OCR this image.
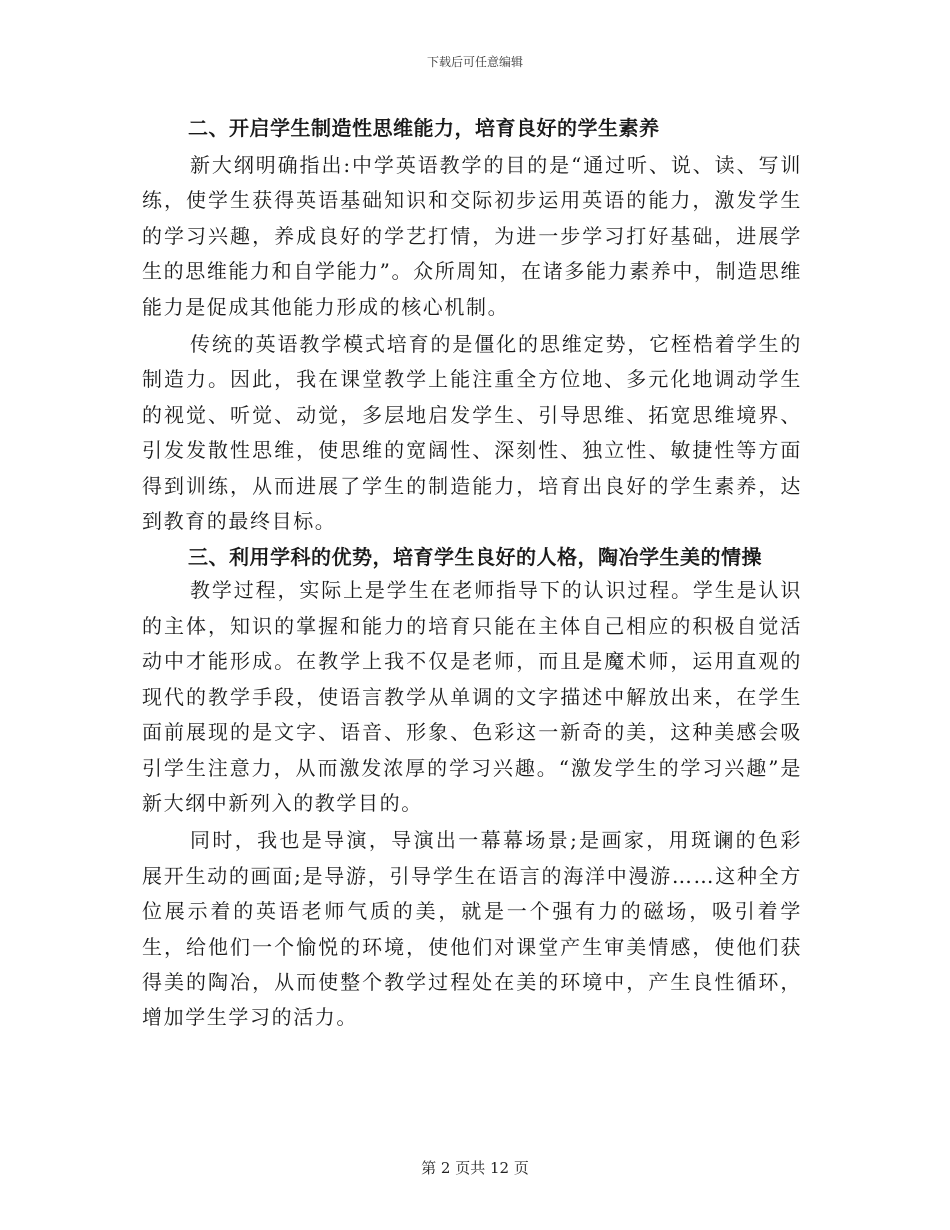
下载后可任意编辑
二、开启学生制造性思维能力，培育良好的学生素养

新大纲明确指出:中学英语教学的目的是“通过听、说、读、写训练，使学生获得英语基础知识和交际初步运用英语的能力，激发学生的学习兴趣，养成良好的学艺打情，为进一步学习打好基础，进展学生的思维能力和自学能力”。众所周知，在诸多能力素养中，制造思维能力是促成其他能力形成的核心机制。

传统的英语教学模式培育的是僵化的思维定势，它桎梏着学生的制造力。因此，我在课堂教学上能注重全方位地、多元化地调动学生的视觉、听觉、动觉，多层地启发学生、引导思维、拓宽思维境界、引发发散性思维，使思维的宽阔性、深刻性、独立性、敏捷性等方面得到训练，从而进展了学生的制造能力，培育出良好的学生素养，达到教育的最终目标。

三、利用学科的优势，培育学生良好的人格，陶冶学生美的情操

教学过程，实际上是学生在老师指导下的认识过程。学生是认识的主体，知识的掌握和能力的培育只能在主体自己相应的积极自觉活动中才能形成。在教学上我不仅是老师，而且是魔术师，运用直观的现代的教学手段，使语言教学从单调的文字描述中解放出来，在学生面前展现的是文字、语音、形象、色彩这一新奇的美，这种美感会吸引学生注意力，从而激发浓厚的学习兴趣。“激发学生的学习兴趣”是新大纲中新列入的教学目的。

同时，我也是导演，导演出一幕幕场景;是画家，用斑谰的色彩展开生动的画面;是导游，引导学生在语言的海洋中漫游……这种全方位展示着的英语老师气质的美，就是一个强有力的磁场，吸引着学生，给他们一个愉悦的环境，使他们对课堂产生审美情感，使他们获得美的陶冶，从而使整个教学过程处在美的环境中，产生良性循环，增加学生学习的活力。

第 2 页共 12 页
